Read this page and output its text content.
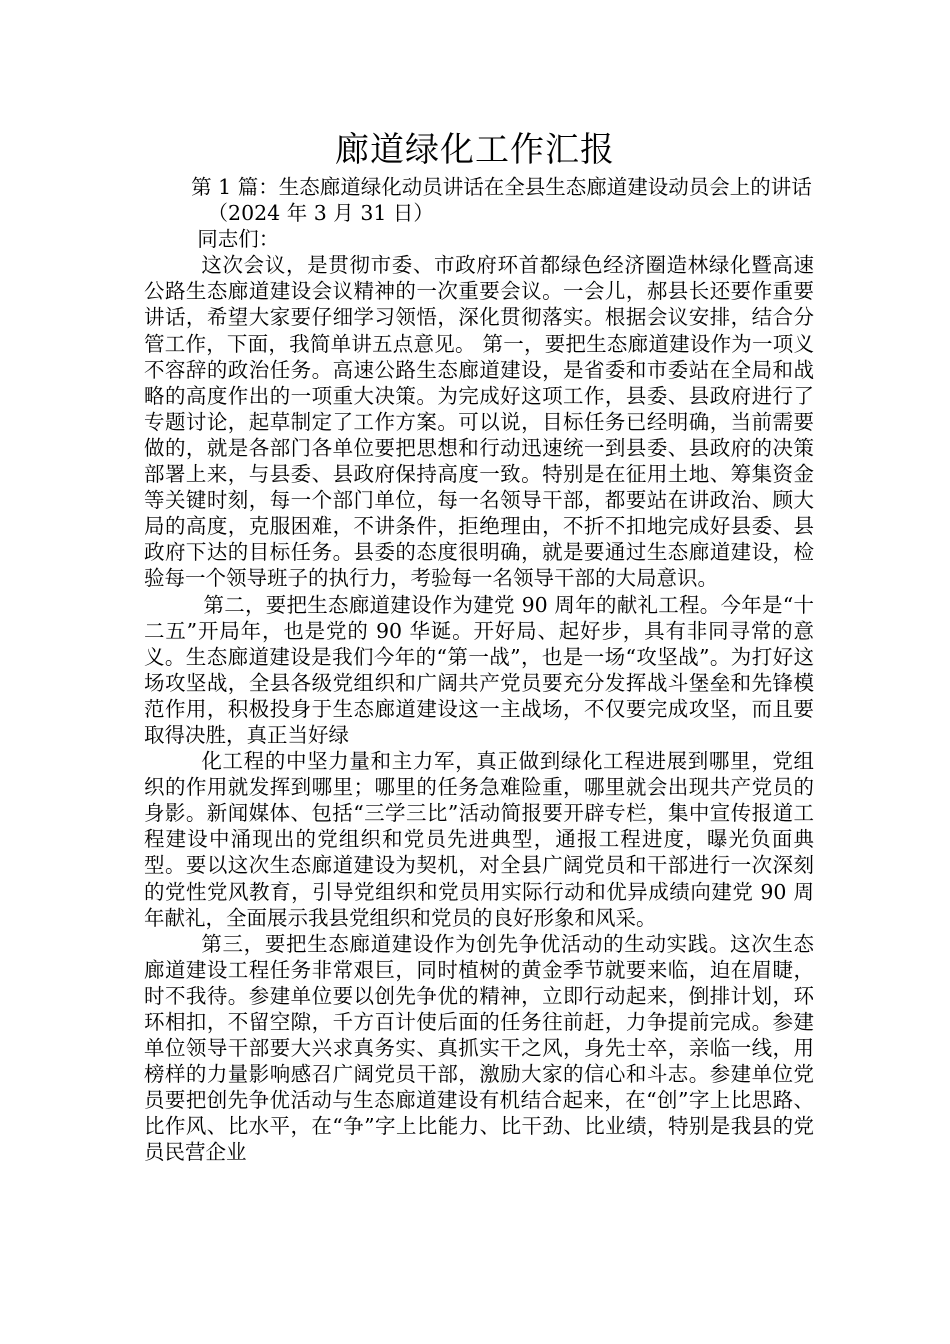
廊道绿化工作汇报

第 1 篇：生态廊道绿化动员讲话在全县生态廊道建设动员会上的讲话

（2024 年 3 月 31 日）

同志们：

这次会议，是贯彻市委、市政府环首都绿色经济圈造林绿化暨高速公路生态廊道建设会议精神的一次重要会议。一会儿，郝县长还要作重要讲话，希望大家要仔细学习领悟，深化贯彻落实。根据会议安排，结合分管工作，下面，我简单讲五点意见。 第一，要把生态廊道建设作为一项义不容辞的政治任务。高速公路生态廊道建设，是省委和市委站在全局和战略的高度作出的一项重大决策。为完成好这项工作，县委、县政府进行了专题讨论，起草制定了工作方案。可以说，目标任务已经明确，当前需要做的，就是各部门各单位要把思想和行动迅速统一到县委、县政府的决策部署上来，与县委、县政府保持高度一致。特别是在征用土地、筹集资金等关键时刻，每一个部门单位，每一名领导干部，都要站在讲政治、顾大局的高度，克服困难，不讲条件，拒绝理由，不折不扣地完成好县委、县政府下达的目标任务。县委的态度很明确，就是要通过生态廊道建设，检验每一个领导班子的执行力，考验每一名领导干部的大局意识。

第二，要把生态廊道建设作为建党 90 周年的献礼工程。今年是“十二五”开局年，也是党的 90 华诞。开好局、起好步，具有非同寻常的意义。生态廊道建设是我们今年的“第一战”，也是一场“攻坚战”。为打好这场攻坚战，全县各级党组织和广阔共产党员要充分发挥战斗堡垒和先锋模范作用，积极投身于生态廊道建设这一主战场，不仅要完成攻坚，而且要取得决胜，真正当好绿

化工程的中坚力量和主力军，真正做到绿化工程进展到哪里，党组织的作用就发挥到哪里；哪里的任务急难险重，哪里就会出现共产党员的身影。新闻媒体、包括“三学三比”活动简报要开辟专栏，集中宣传报道工程建设中涌现出的党组织和党员先进典型，通报工程进度，曝光负面典型。要以这次生态廊道建设为契机，对全县广阔党员和干部进行一次深刻的党性党风教育，引导党组织和党员用实际行动和优异成绩向建党 90 周年献礼，全面展示我县党组织和党员的良好形象和风采。

第三，要把生态廊道建设作为创先争优活动的生动实践。这次生态廊道建设工程任务非常艰巨，同时植树的黄金季节就要来临，迫在眉睫，时不我待。参建单位要以创先争优的精神，立即行动起来，倒排计划，环环相扣，不留空隙，千方百计使后面的任务往前赶，力争提前完成。参建单位领导干部要大兴求真务实、真抓实干之风，身先士卒，亲临一线，用榜样的力量影响感召广阔党员干部，激励大家的信心和斗志。参建单位党员要把创先争优活动与生态廊道建设有机结合起来，在“创”字上比思路、比作风、比水平，在“争”字上比能力、比干劲、比业绩，特别是我县的党员民营企业
